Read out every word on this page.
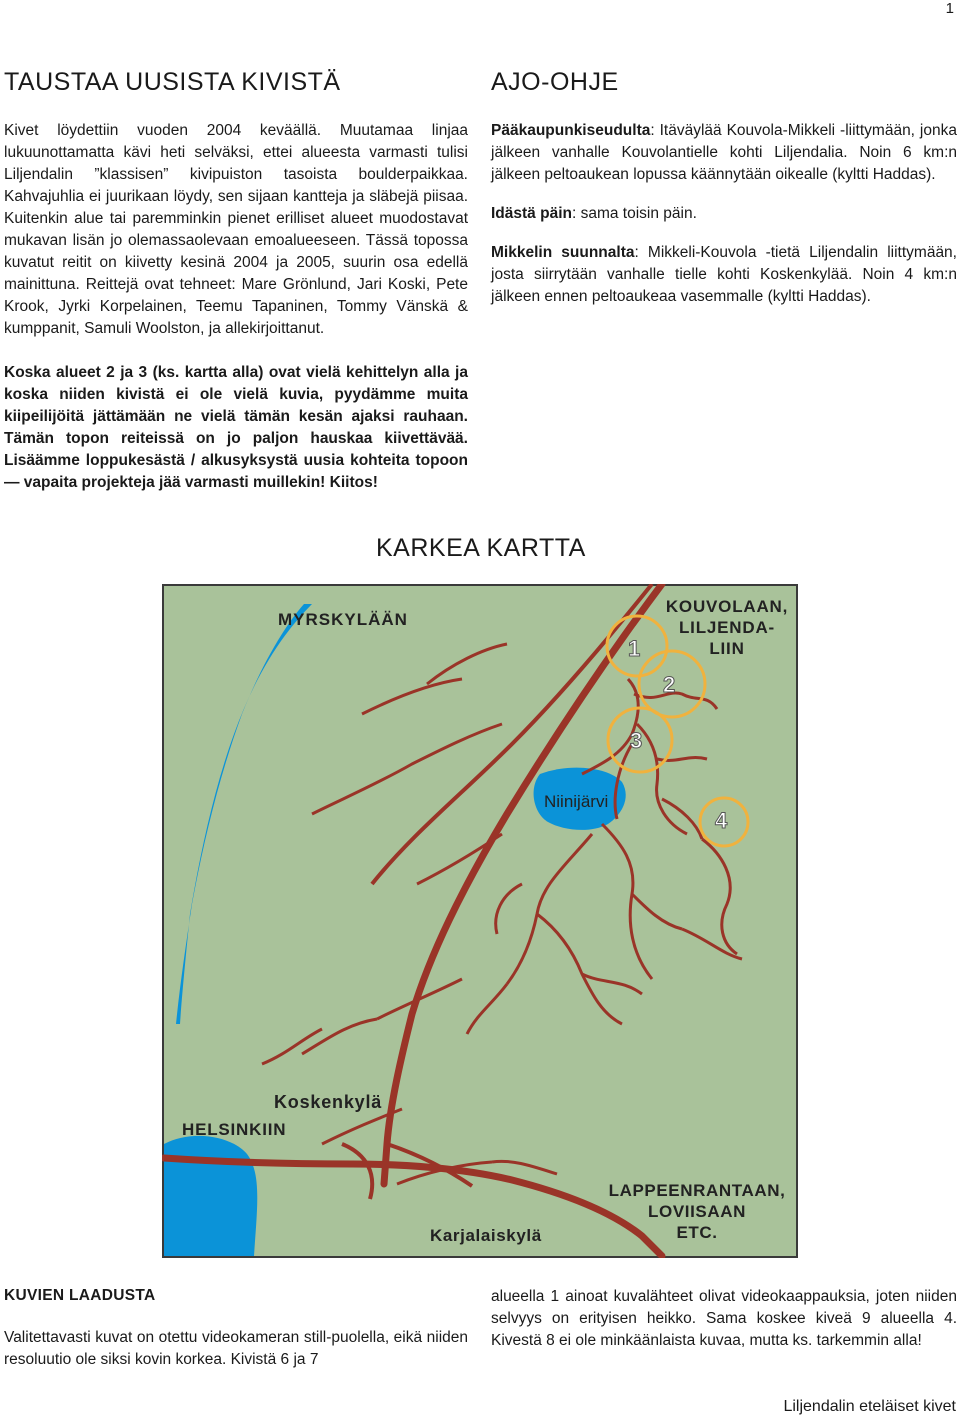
1
TAUSTAA UUSISTA KIVISTÄ

Kivet löydettiin vuoden 2004 keväällä. Muutamaa linjaa lukuunottamatta kävi heti selväksi, ettei alueesta varmasti tulisi Liljendalin ”klassisen” kivipuiston tasoista boulderpaikkaa. Kahvajuhlia ei juurikaan löydy, sen sijaan kantteja ja släbejä piisaa. Kuitenkin alue tai paremminkin pienet erilliset alueet muodostavat mukavan lisän jo olemassaolevaan emoalueeseen. Tässä topossa kuvatut reitit on kiivetty kesinä 2004 ja 2005, suurin osa edellä mainittuna. Reittejä ovat tehneet: Mare Grönlund, Jari Koski, Pete Krook, Jyrki Korpelainen, Teemu Tapaninen, Tommy Vänskä & kumppanit, Samuli Woolston, ja allekirjoittanut.

Koska alueet 2 ja 3 (ks. kartta alla) ovat vielä kehittelyn alla ja koska niiden kivistä ei ole vielä kuvia, pyydämme muita kiipeilijöitä jättämään ne vielä tämän kesän ajaksi rauhaan. Tämän topon reiteissä on jo paljon hauskaa kiivettävää. Lisäämme loppukesästä / alkusyksystä uusia kohteita topoon — vapaita projekteja jää varmasti muillekin! Kiitos!

AJO-OHJE

Pääkaupunkiseudulta: Itäväylää Kouvola-Mikkeli -liittymään, jonka jälkeen vanhalle Kouvolantielle kohti Liljendalia. Noin 6 km:n jälkeen peltoaukean lopussa käännytään oikealle (kyltti Haddas).

Idästä päin: sama toisin päin.

Mikkelin suunnalta: Mikkeli-Kouvola -tietä Liljendalin liittymään, josta siirrytään vanhalle tielle kohti Koskenkylää. Noin 4 km:n jälkeen ennen peltoaukeaa vasemmalle (kyltti Haddas).

KARKEA KARTTA
MYRSKYLÄÄN
KOUVOLAAN,
LILJENDA-
LIIN
1
2
3
4
Niinijärvi
Koskenkylä
HELSINKIIN
LAPPEENRANTAAN,
LOVIISAAN
ETC.
Karjalaiskylä
KUVIEN LAADUSTA

Valitettavasti kuvat on otettu videokameran still-puolella, eikä niiden resoluutio ole siksi kovin korkea. Kivistä 6 ja 7

alueella 1 ainoat kuvalähteet olivat videokaappauksia, joten niiden selvyys on erityisen heikko. Sama koskee kiveä 9 alueella 4. Kivestä 8 ei ole minkäänlaista kuvaa, mutta ks. tarkemmin alla!

Liljendalin eteläiset kivet
